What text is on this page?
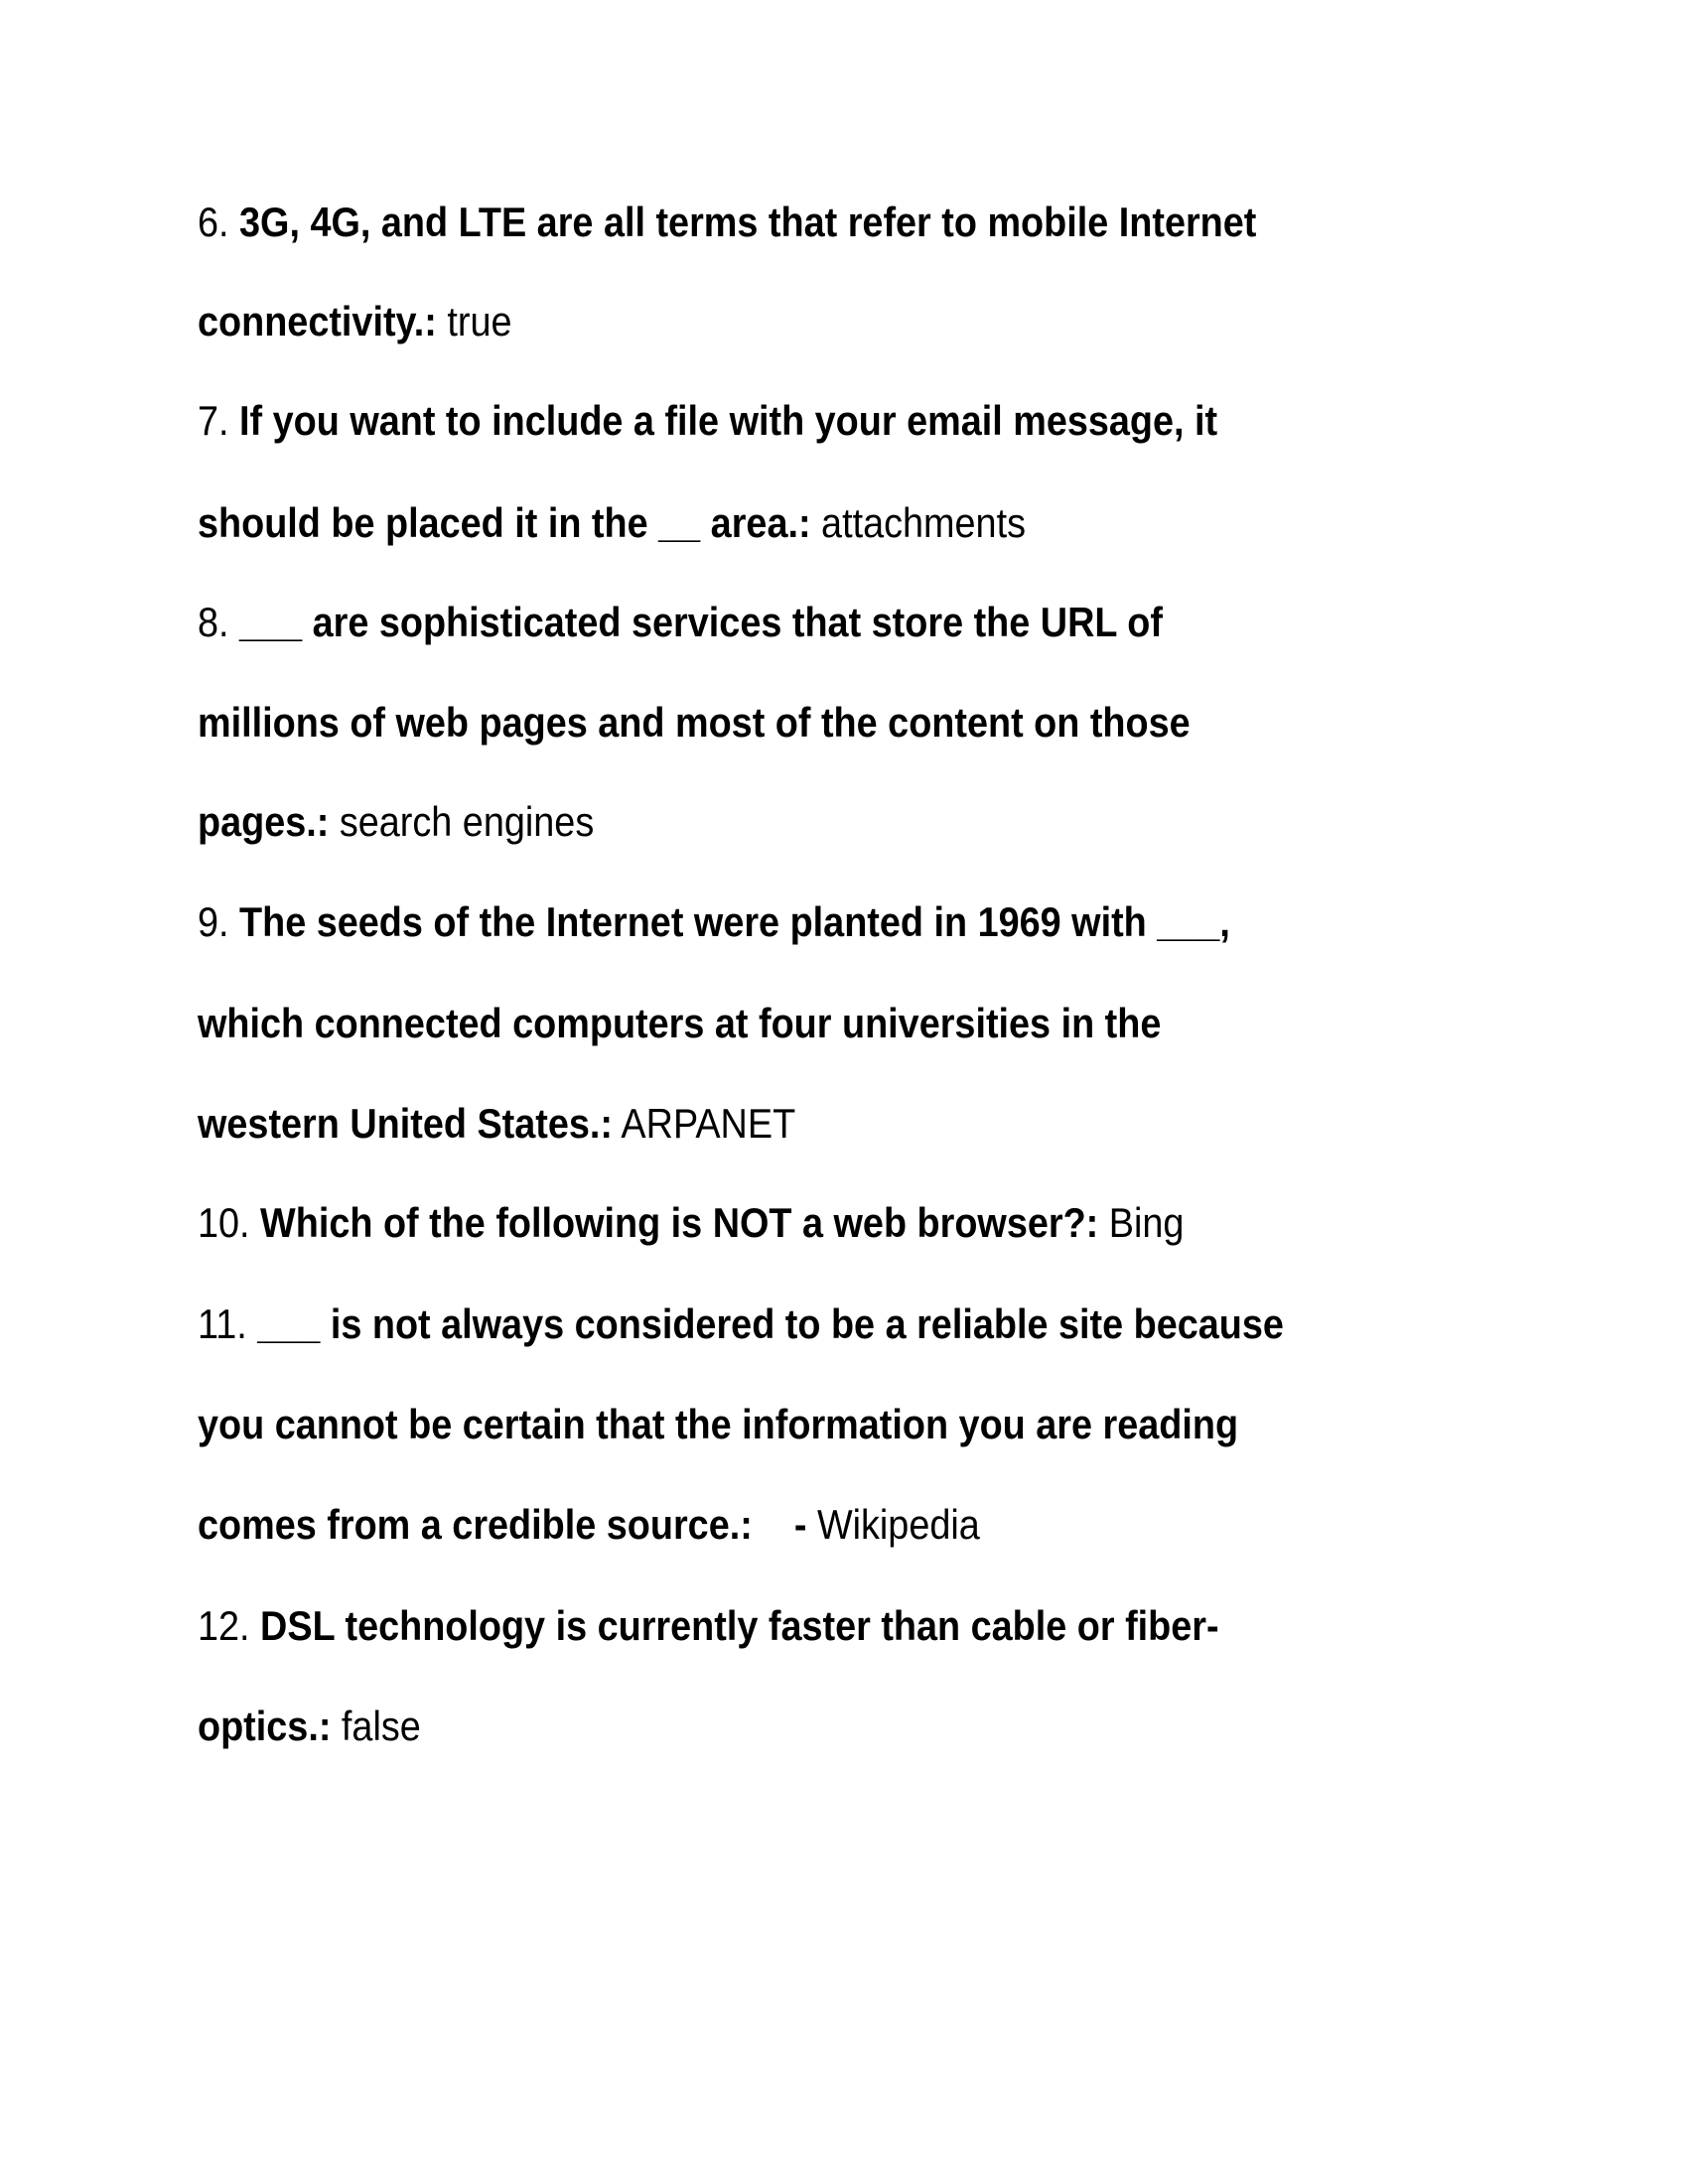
6. 3G, 4G, and LTE are all terms that refer to mobile Internet
connectivity.: true
7. If you want to include a file with your email message, it
should be placed it in the __ area.: attachments
8. ___ are sophisticated services that store the URL of
millions of web pages and most of the content on those
pages.: search engines
9. The seeds of the Internet were planted in 1969 with ___,
which connected computers at four universities in the
western United States.: ARPANET
10. Which of the following is NOT a web browser?: Bing
11. ___ is not always considered to be a reliable site because
you cannot be certain that the information you are reading
comes from a credible source.: - Wikipedia
12. DSL technology is currently faster than cable or fiber-
optics.: false
